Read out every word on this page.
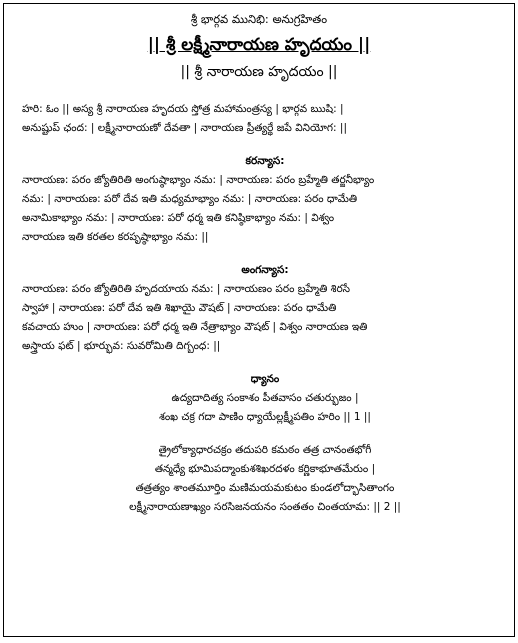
శ్రీ భార్గవ మునిభి: అనుగ్రహితం
|| శ్రీ లక్ష్మీనారాయణ హృదయం ||
|| శ్రీ నారాయణ హృదయం ||
హరి: ఓం || అస్య శ్రీ నారాయణ హృదయ స్తోత్ర మహామంత్రస్య | భార్గవ ఋషి: |
అనుష్టుప్ ఛంద: | లక్ష్మీనారాయణో దేవతా | నారాయణ ప్రీత్యర్థే జపే వినియోగ: ||
కరన్యాస:
నారాయణ: పరం జ్యోతిరితి అంగుష్ఠాభ్యాం నమ: | నారాయణ: పరం బ్రహ్మేతి తర్జనీభ్యాం
నమ: | నారాయణ: పరో దేవ ఇతి మధ్యమాభ్యాం నమ: | నారాయణ: పరం ధామేతి
అనామికాభ్యాం నమ: | నారాయణ: పరో ధర్మ ఇతి కనిష్ఠికాభ్యాం నమ: | విశ్వం
నారాయణ ఇతి కరతల కరపృష్ఠాభ్యాం నమ: ||
అంగన్యాస:
నారాయణ: పరం జ్యోతిరితి హృదయాయ నమ: | నారాయణం పరం బ్రహ్మేతి శిరసే
స్వాహా | నారాయణ: పరో దేవ ఇతి శిఖాయై వౌషట్ | నారాయణ: పరం ధామేతి
కవచాయ హుం | నారాయణ: పరో ధర్మ ఇతి నేత్రాభ్యాం వౌషట్ | విశ్వం నారాయణ ఇతి
అస్త్రాయ ఫట్ | భూర్భువ: సువరోమితి దిగ్బంధ: ||
ధ్యానం
ఉద్యదాదిత్య సంకాశం పీతవాసం చతుర్భుజం |
శంఖ చక్ర గదా పాణిం ధ్యాయేల్లక్ష్మీపతిం హరిం || 1 ||
త్రైలోక్యాధారచక్రం తదుపరి కమఠం తత్ర చానంతభోగీ
తన్మధ్యే భూమిపద్మాంకుశశిఖరదళం కర్ణికాభూతమేరుం |
తత్రత్యం శాంతమూర్తిం మణిమయమకుటం కుండలోద్భాసితాంగం
లక్ష్మీనారాయణాఖ్యం సరసిజనయనం సంతతం చింతయామ: || 2 ||
